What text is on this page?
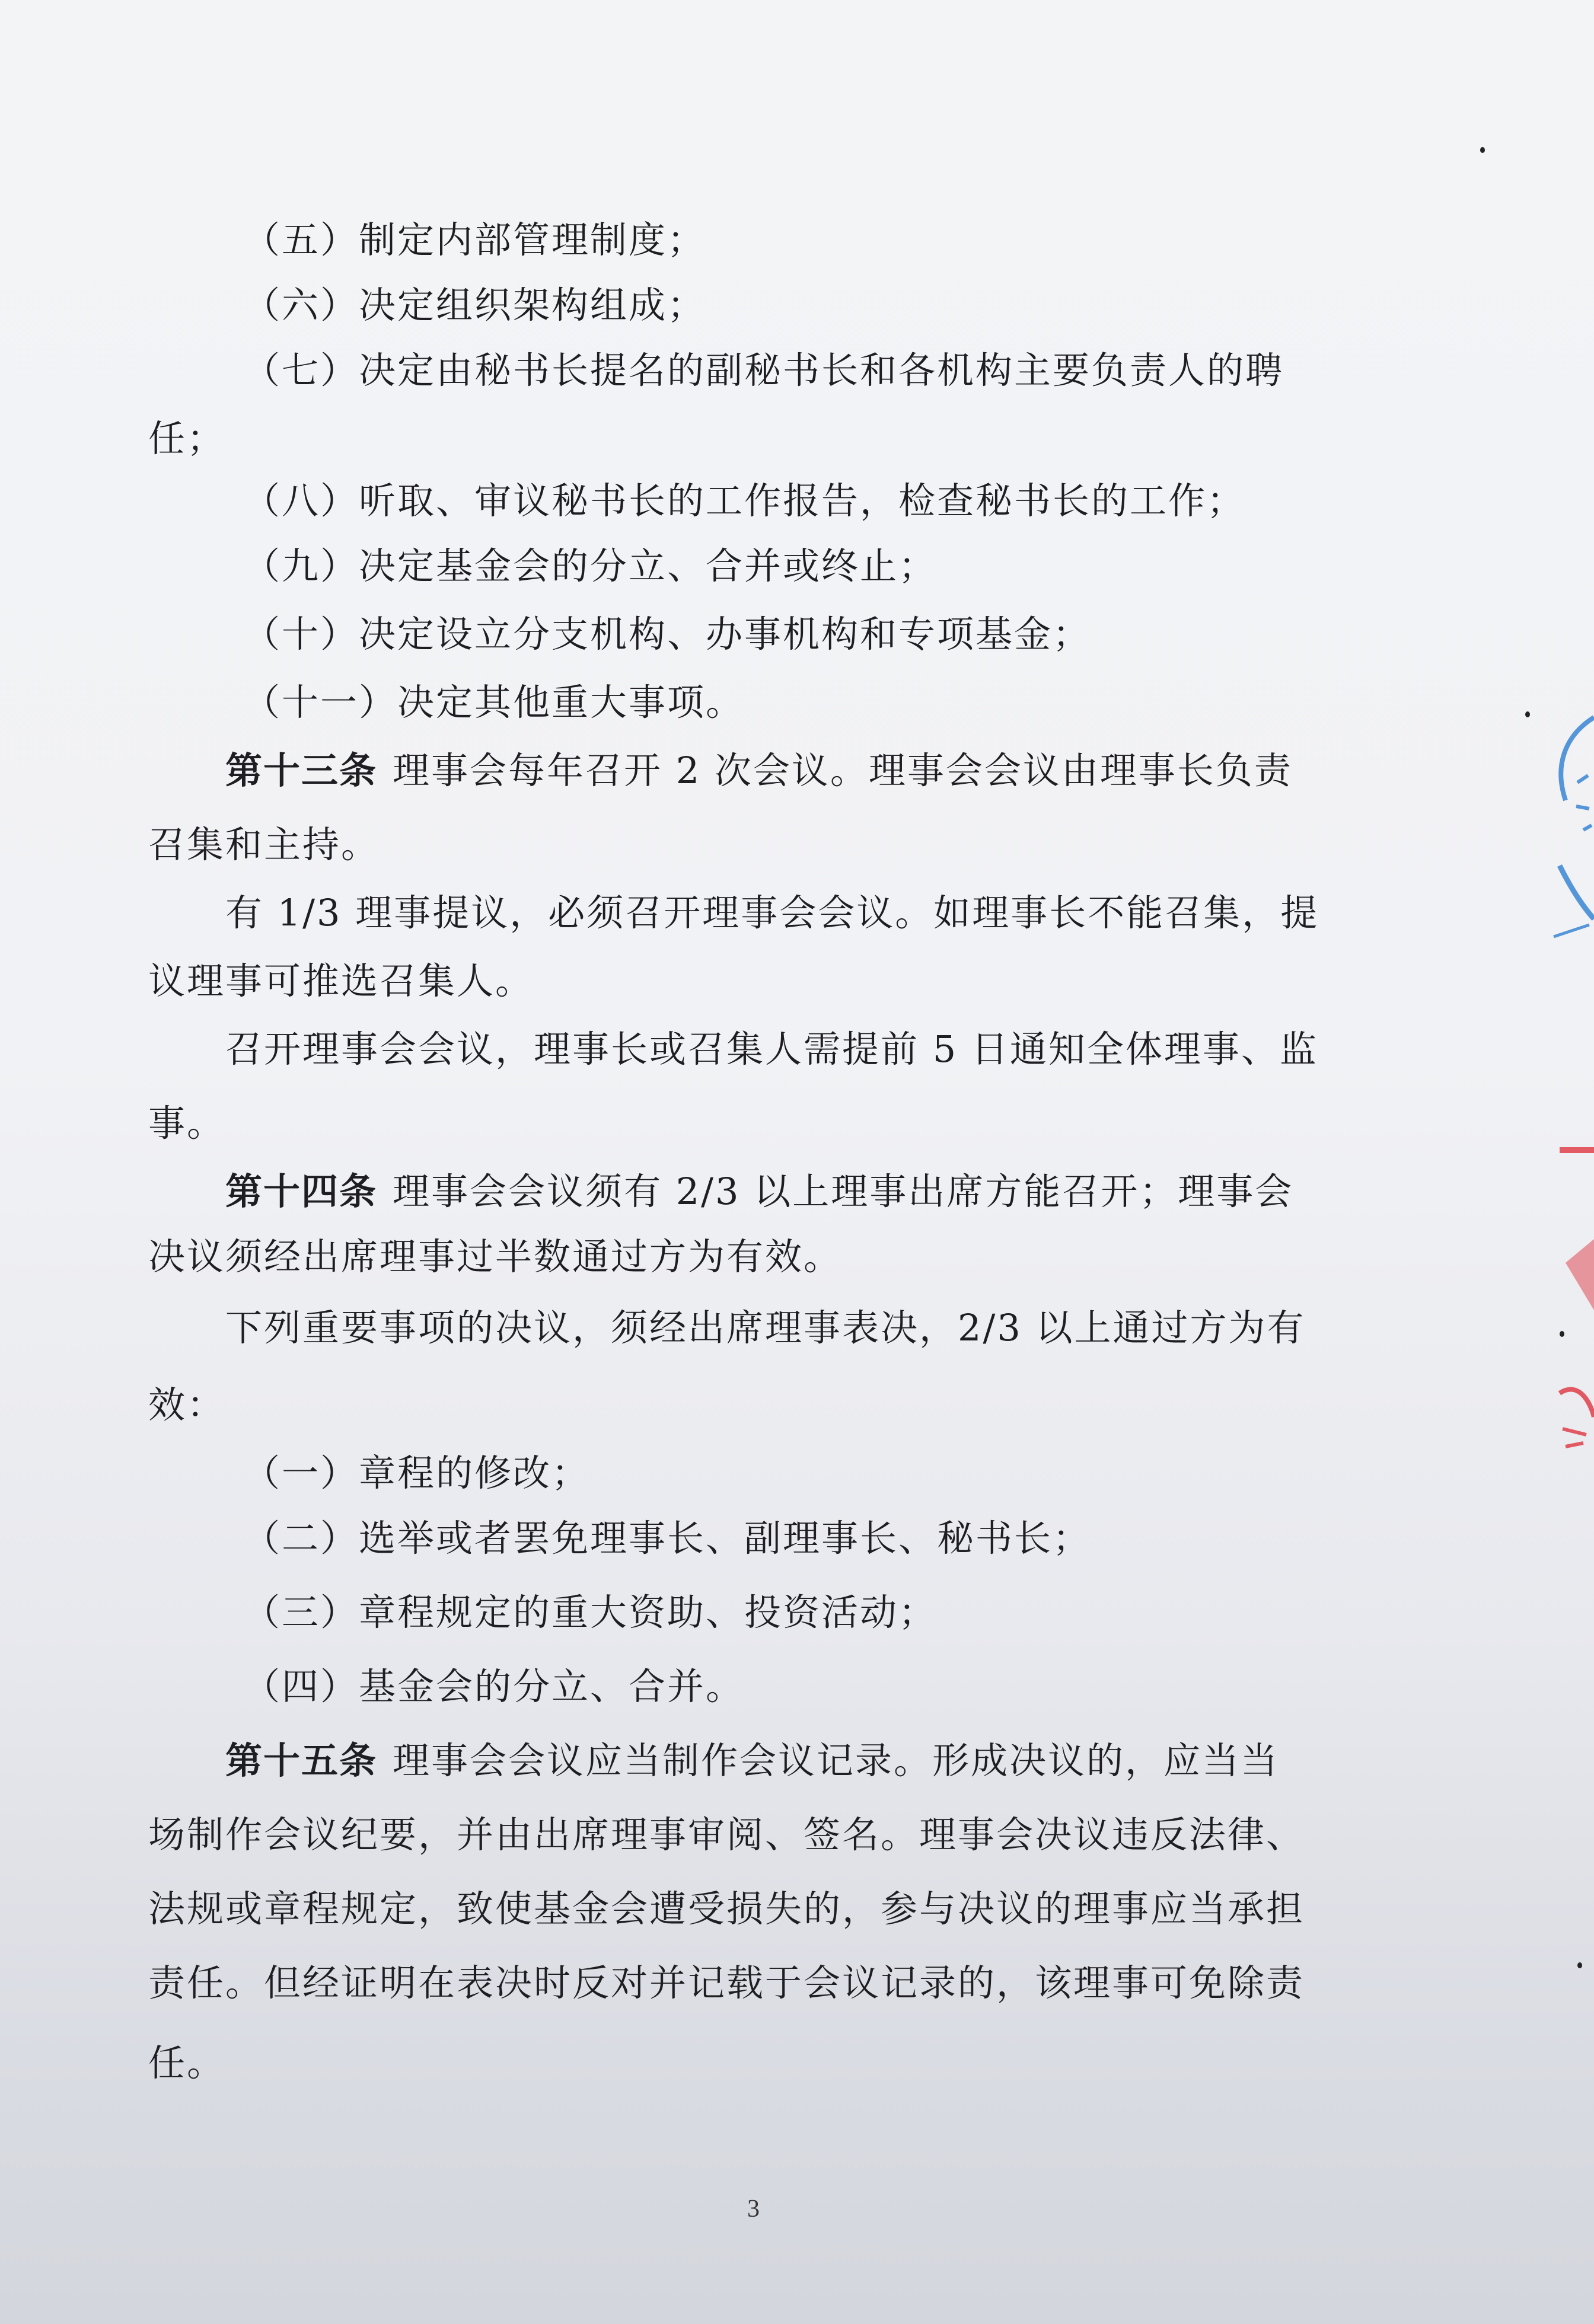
（五）制定内部管理制度；
（六）决定组织架构组成；
（七）决定由秘书长提名的副秘书长和各机构主要负责人的聘
任；
（八）听取、审议秘书长的工作报告，检查秘书长的工作；
（九）决定基金会的分立、合并或终止；
（十）决定设立分支机构、办事机构和专项基金；
（十一）决定其他重大事项。
第十三条 理事会每年召开 2 次会议。理事会会议由理事长负责
召集和主持。
有 1/3 理事提议，必须召开理事会会议。如理事长不能召集，提
议理事可推选召集人。
召开理事会会议，理事长或召集人需提前 5 日通知全体理事、监
事。
第十四条 理事会会议须有 2/3 以上理事出席方能召开；理事会
决议须经出席理事过半数通过方为有效。
下列重要事项的决议，须经出席理事表决，2/3 以上通过方为有
效：
（一）章程的修改；
（二）选举或者罢免理事长、副理事长、秘书长；
（三）章程规定的重大资助、投资活动；
（四）基金会的分立、合并。
第十五条 理事会会议应当制作会议记录。形成决议的，应当当
场制作会议纪要，并由出席理事审阅、签名。理事会决议违反法律、
法规或章程规定，致使基金会遭受损失的，参与决议的理事应当承担
责任。但经证明在表决时反对并记载于会议记录的，该理事可免除责
任。
3
